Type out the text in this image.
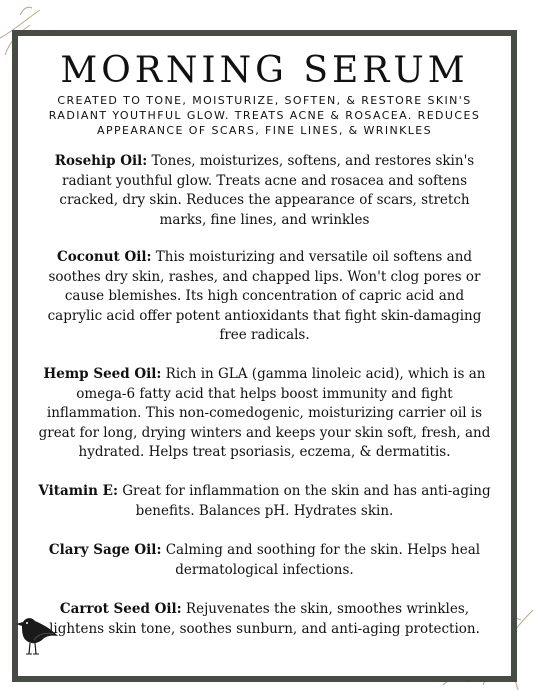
MORNING SERUM
CREATED TO TONE, MOISTURIZE, SOFTEN, & RESTORE SKIN'S RADIANT YOUTHFUL GLOW. TREATS ACNE & ROSACEA. REDUCES APPEARANCE OF SCARS, FINE LINES, & WRINKLES
Rosehip Oil: Tones, moisturizes, softens, and restores skin's radiant youthful glow. Treats acne and rosacea and softens cracked, dry skin. Reduces the appearance of scars, stretch marks, fine lines, and wrinkles
Coconut Oil: This moisturizing and versatile oil softens and soothes dry skin, rashes, and chapped lips. Won't clog pores or cause blemishes. Its high concentration of capric acid and caprylic acid offer potent antioxidants that fight skin-damaging free radicals.
Hemp Seed Oil: Rich in GLA (gamma linoleic acid), which is an omega-6 fatty acid that helps boost immunity and fight inflammation. This non-comedogenic, moisturizing carrier oil is great for long, drying winters and keeps your skin soft, fresh, and hydrated. Helps treat psoriasis, eczema, & dermatitis.
Vitamin E: Great for inflammation on the skin and has anti-aging benefits. Balances pH. Hydrates skin.
Clary Sage Oil: Calming and soothing for the skin. Helps heal dermatological infections.
Carrot Seed Oil: Rejuvenates the skin, smoothes wrinkles, lightens skin tone, soothes sunburn, and anti-aging protection.
